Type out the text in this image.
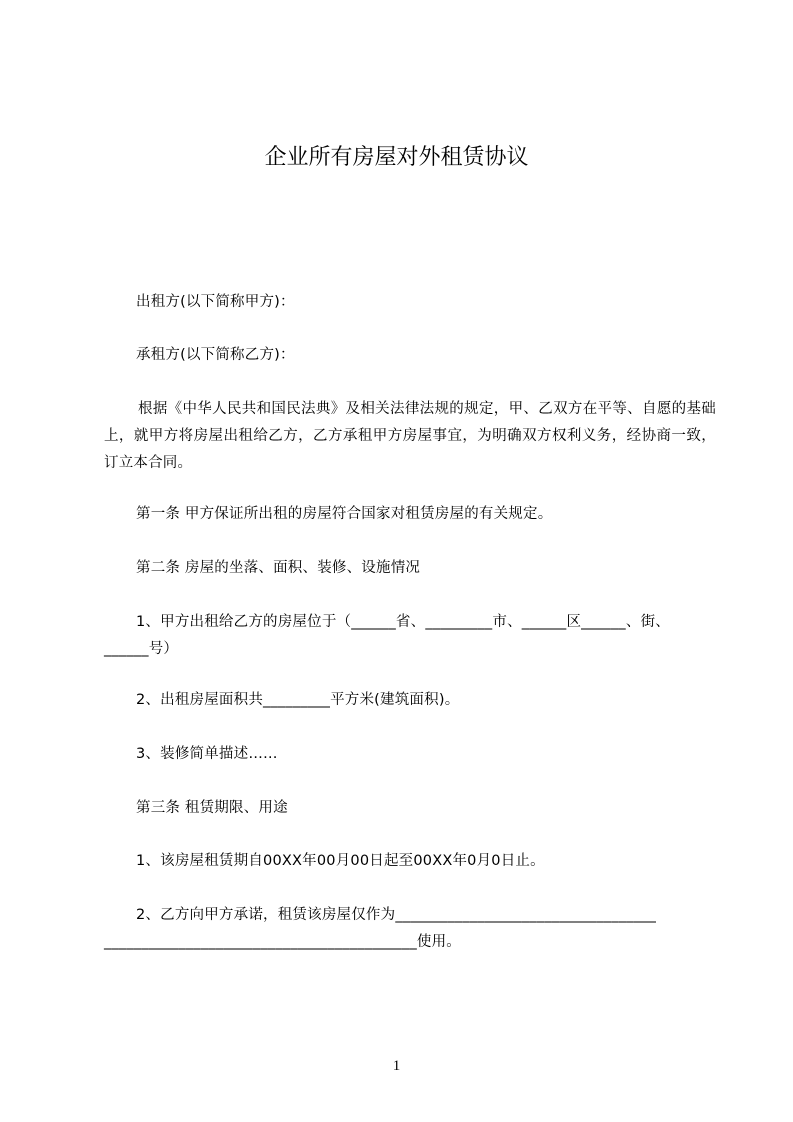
企业所有房屋对外租赁协议
出租方(以下简称甲方)：
承租方(以下简称乙方)：
根据《中华人民共和国民法典》及相关法律法规的规定，甲、乙双方在平等、自愿的基础上，就甲方将房屋出租给乙方，乙方承租甲方房屋事宜，为明确双方权利义务，经协商一致，订立本合同。
第一条 甲方保证所出租的房屋符合国家对租赁房屋的有关规定。
第二条 房屋的坐落、面积、装修、设施情况
1、甲方出租给乙方的房屋位于（______省、_________市、______区______、街、
______号）
2、出租房屋面积共_________平方米(建筑面积)。
3、装修简单描述……
第三条 租赁期限、用途
1、该房屋租赁期自00XX年00月00日起至00XX年0月0日止。
2、乙方向甲方承诺，租赁该房屋仅作为___________________________________
__________________________________________使用。
1
